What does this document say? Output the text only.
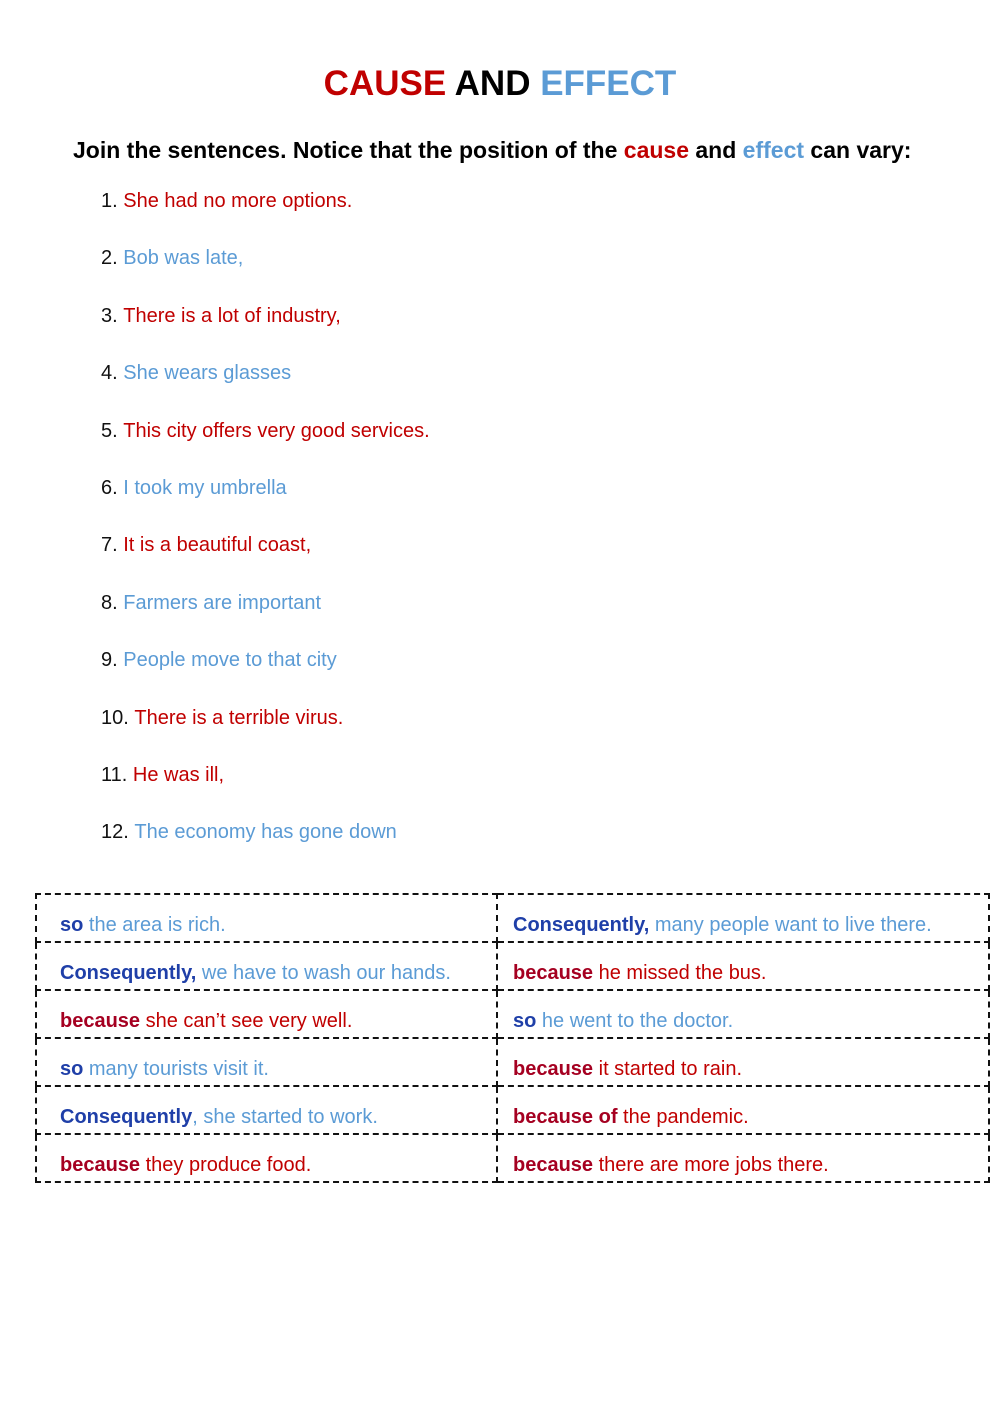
CAUSE AND EFFECT
Join the sentences. Notice that the position of the cause and effect can vary:
1. She had no more options.
2. Bob was late,
3. There is a lot of industry,
4. She wears glasses
5. This city offers very good services.
6. I took my umbrella
7. It is a beautiful coast,
8. Farmers are important
9. People move to that city
10. There is a terrible virus.
11. He was ill,
12. The economy has gone down
so the area is rich.	Consequently, many people want to live there.

Consequently, we have to wash our hands.	because he missed the bus.

because she can’t see very well.	so he went to the doctor.

so many tourists visit it.	because it started to rain.

Consequently, she started to work.	because of the pandemic.

because they produce food.	because there are more jobs there.
